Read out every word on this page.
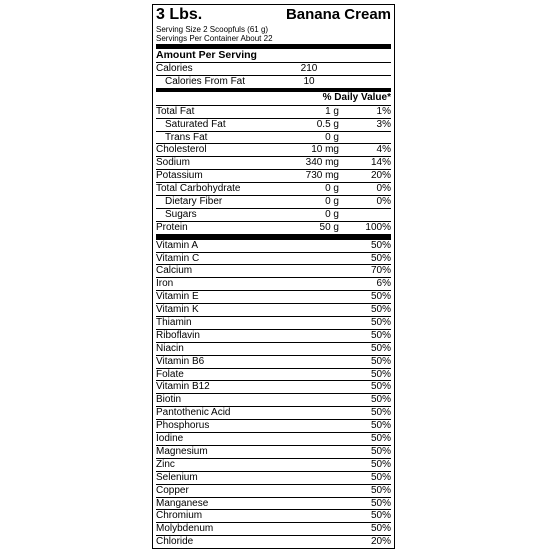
3 Lbs.	Banana Cream
Serving Size 2 Scoopfuls (61 g)
Servings Per Container About 22
Amount Per Serving
Calories	210
Calories From Fat	10
% Daily Value*
Total Fat	1 g	1%
Saturated Fat	0.5 g	3%
Trans Fat	0 g
Cholesterol	10 mg	4%
Sodium	340 mg	14%
Potassium	730 mg	20%
Total Carbohydrate	0 g	0%
Dietary Fiber	0 g	0%
Sugars	0 g
Protein	50 g	100%
Vitamin A	50%
Vitamin C	50%
Calcium	70%
Iron	6%
Vitamin E	50%
Vitamin K	50%
Thiamin	50%
Riboflavin	50%
Niacin	50%
Vitamin B6	50%
Folate	50%
Vitamin B12	50%
Biotin	50%
Pantothenic Acid	50%
Phosphorus	50%
Iodine	50%
Magnesium	50%
Zinc	50%
Selenium	50%
Copper	50%
Manganese	50%
Chromium	50%
Molybdenum	50%
Chloride	20%
